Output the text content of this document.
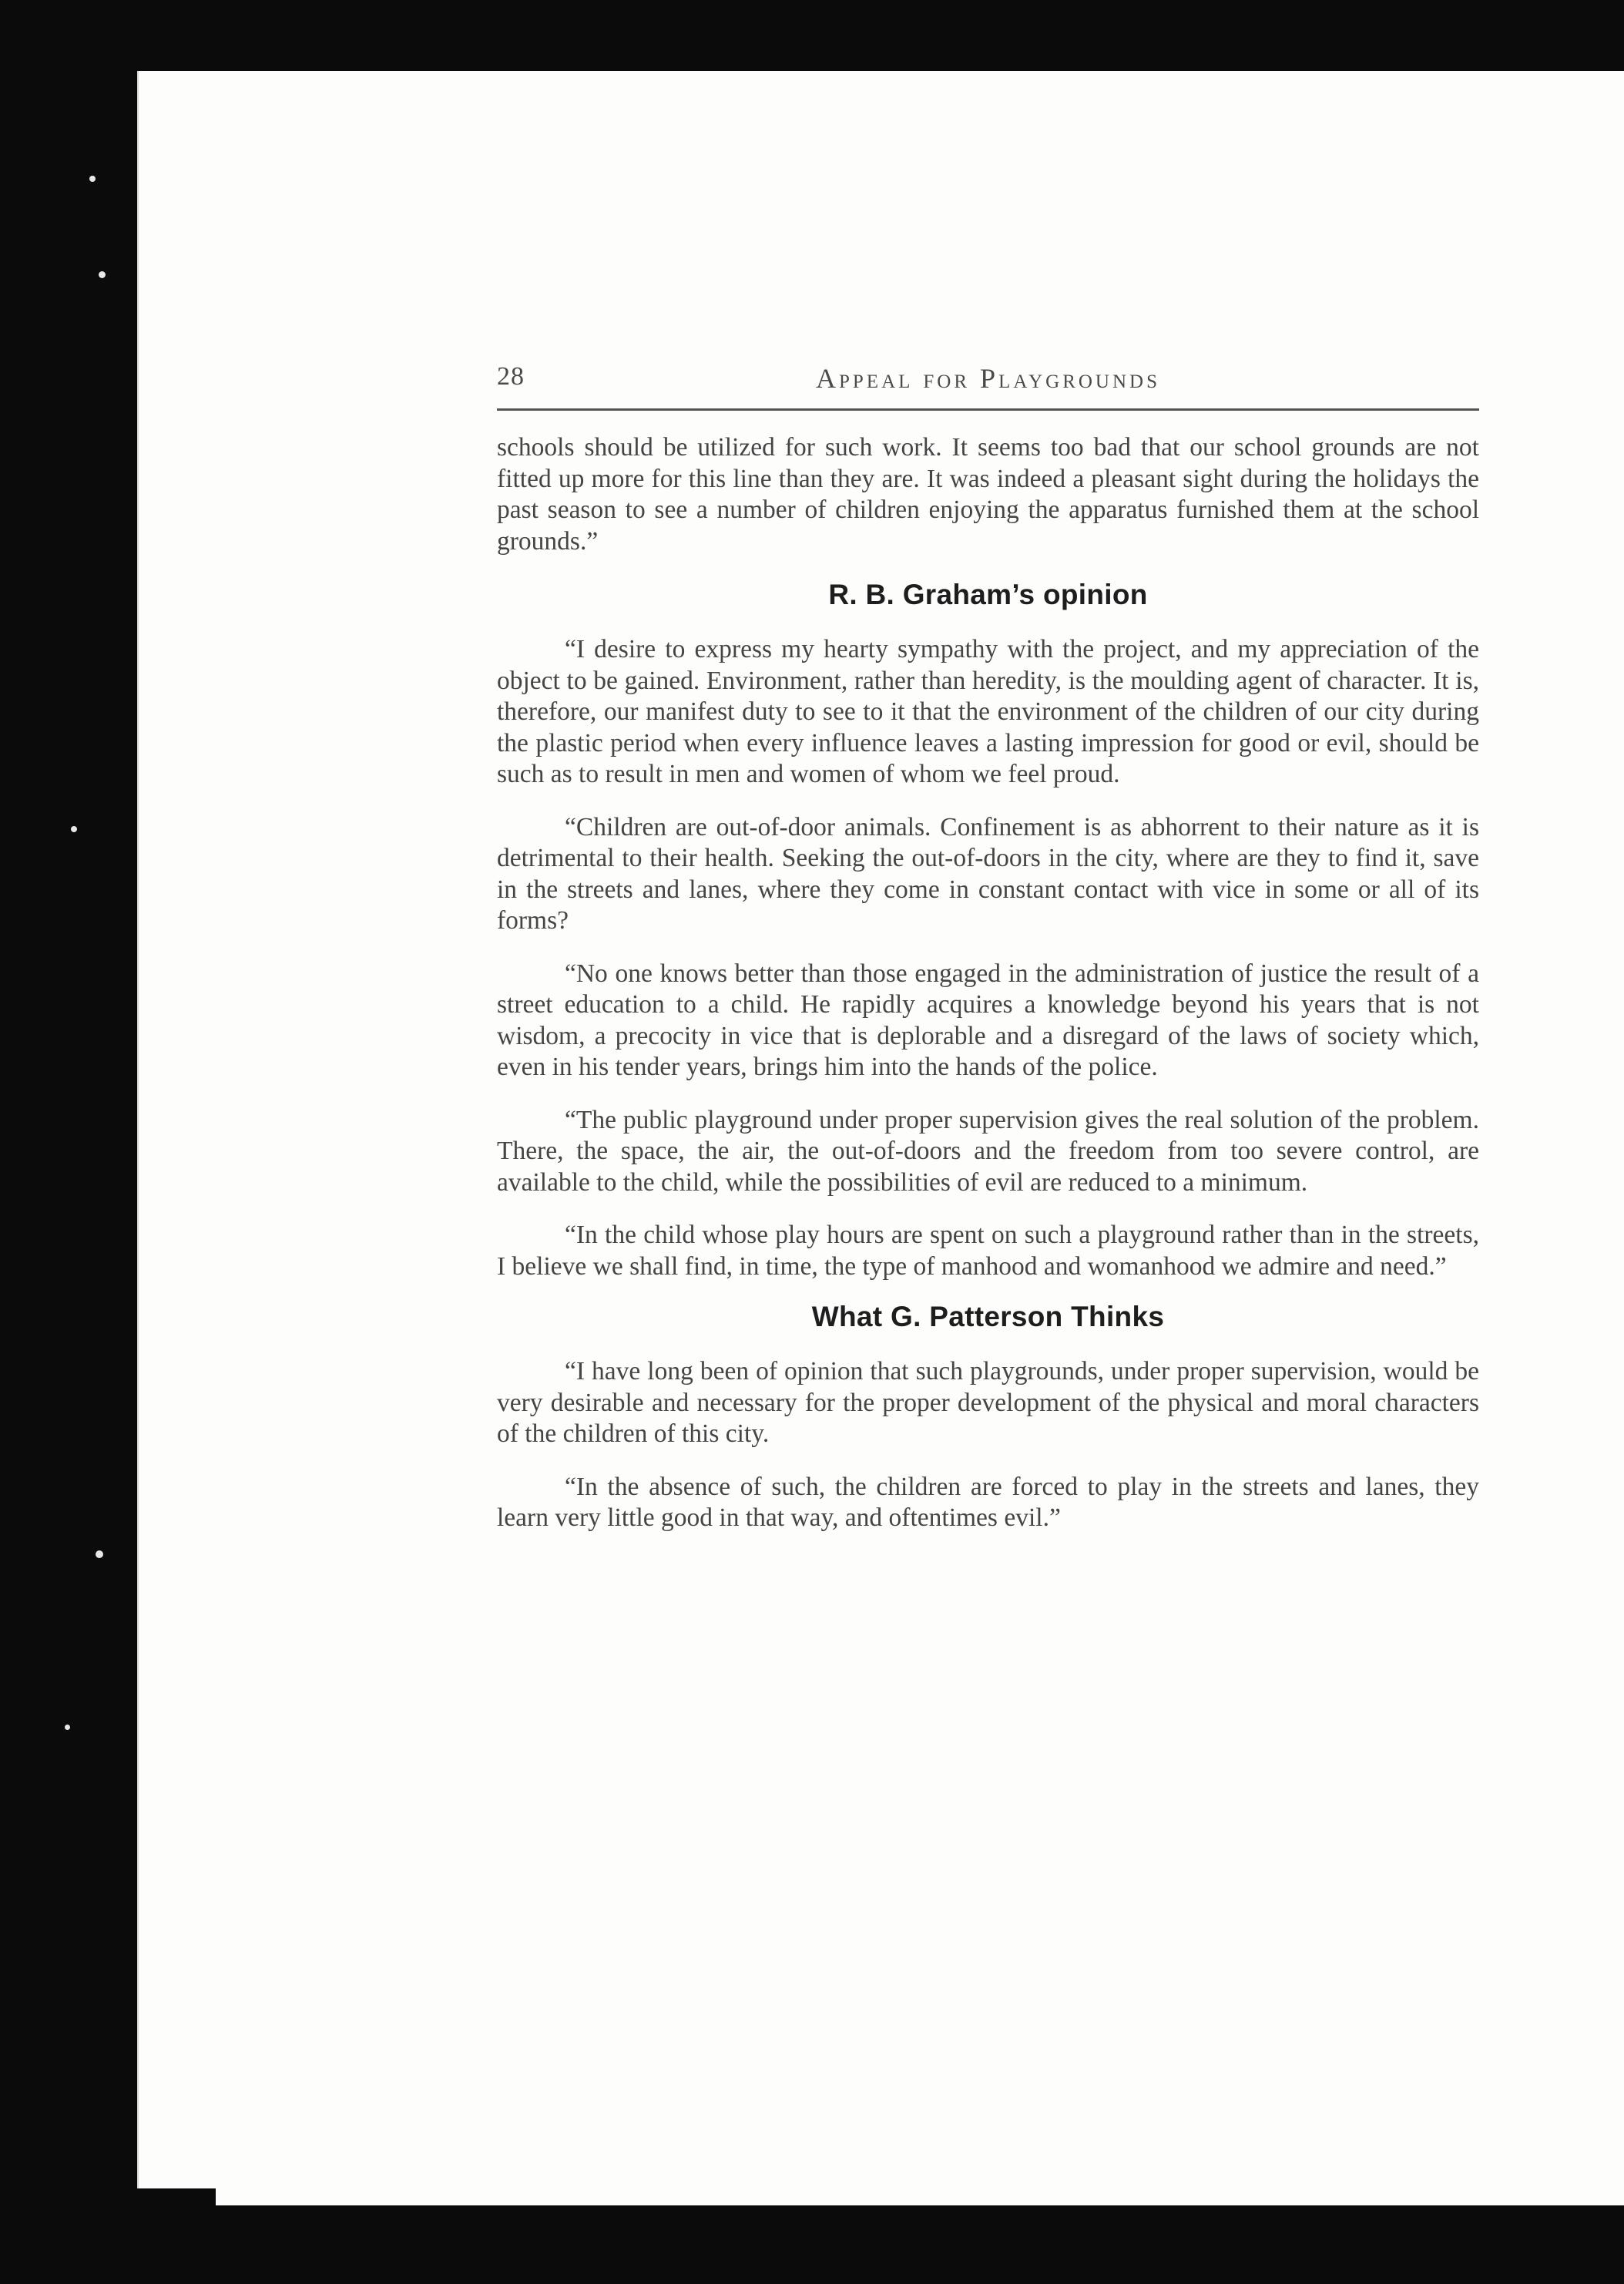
28	Appeal for Playgrounds

schools should be utilized for such work. It seems too bad that our school grounds are not fitted up more for this line than they are. It was indeed a pleasant sight during the holidays the past season to see a number of children enjoying the apparatus furnished them at the school grounds.”

R. B. Graham’s opinion

“I desire to express my hearty sympathy with the project, and my appreciation of the object to be gained. Environment, rather than heredity, is the moulding agent of character. It is, therefore, our manifest duty to see to it that the environment of the children of our city during the plastic period when every influence leaves a lasting impression for good or evil, should be such as to result in men and women of whom we feel proud.

“Children are out-of-door animals. Confinement is as abhorrent to their nature as it is detrimental to their health. Seeking the out-of-doors in the city, where are they to find it, save in the streets and lanes, where they come in constant contact with vice in some or all of its forms?

“No one knows better than those engaged in the administration of justice the result of a street education to a child. He rapidly acquires a knowledge beyond his years that is not wisdom, a precocity in vice that is deplorable and a disregard of the laws of society which, even in his tender years, brings him into the hands of the police.

“The public playground under proper supervision gives the real solution of the problem. There, the space, the air, the out-of-doors and the freedom from too severe control, are available to the child, while the possibilities of evil are reduced to a minimum.

“In the child whose play hours are spent on such a playground rather than in the streets, I believe we shall find, in time, the type of manhood and womanhood we admire and need.”

What G. Patterson Thinks

“I have long been of opinion that such playgrounds, under proper supervision, would be very desirable and necessary for the proper development of the physical and moral characters of the children of this city.

“In the absence of such, the children are forced to play in the streets and lanes, they learn very little good in that way, and oftentimes evil.”
